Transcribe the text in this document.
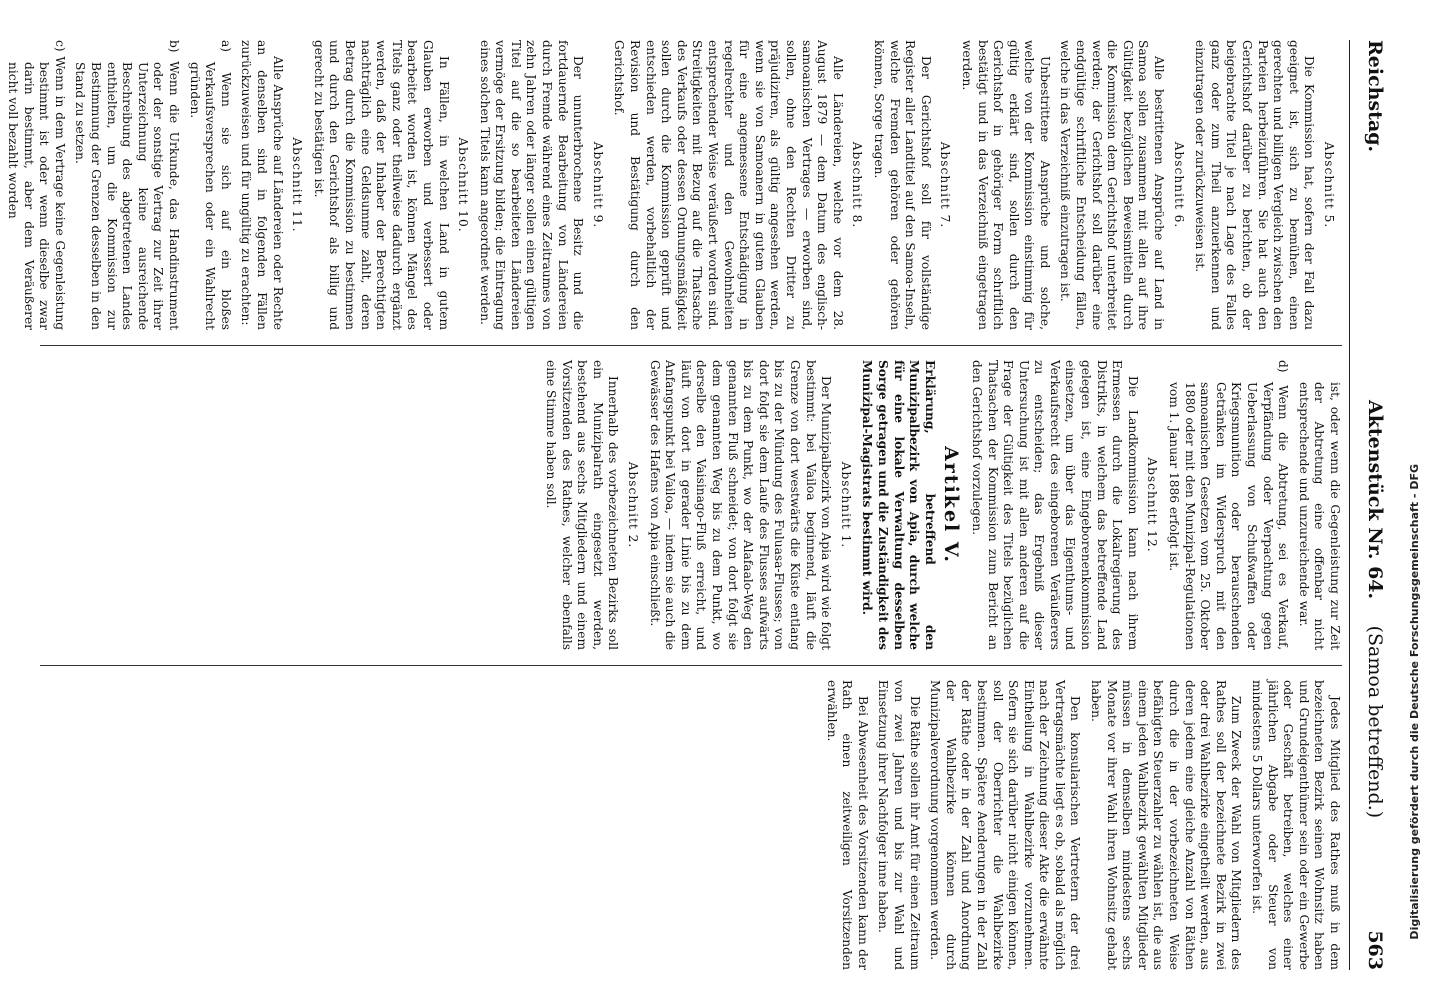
Reichstag.
Aktenstück Nr. 64.    (Samoa betreffend.)
563
Abschnitt 5.

Die Kommission hat, sofern der Fall dazu geeignet ist, sich zu bemühen, einen gerechten und billigen Vergleich zwischen den Parteien herbeizuführen. Sie hat auch den Gerichtshof darüber zu berichten, ob der beigebrachte Titel je nach Lage des Falles ganz oder zum Theil anzuerkennen und einzutragen oder zurückzuweisen ist.

Abschnitt 6.

Alle bestrittenen Ansprüche auf Land in Samoa sollen zusammen mit allen auf ihre Gültigkeit bezüglichen Beweismitteln durch die Kommission dem Gerichtshof unterbreitet werden; der Gerichtshof soll darüber eine endgültige schriftliche Entscheidung fällen, welche in das Verzeichniß einzutragen ist.

Unbestrittene Ansprüche und solche, welche von der Kommission einstimmig für gültig erklärt sind, sollen durch den Gerichtshof in gehöriger Form schriftlich bestätigt und in das Verzeichniß eingetragen werden.

Abschnitt 7.

Der Gerichtshof soll für vollständige Register aller Landtitel auf den Samoa-Inseln, welche Fremden gehören oder gehören können, Sorge tragen.

Abschnitt 8.

Alle Ländereien, welche vor dem 28. August 1879 — dem Datum des englisch-samoanischen Vertrages — erworben sind, sollen, ohne den Rechten Dritter zu präjudiziren, als gültig angesehen werden, wenn sie von Samoanern in gutem Glauben für eine angemessene Entschädigung in regelrechter und den Gewohnheiten entsprechender Weise veräußert worden sind. Streitigkeiten mit Bezug auf die Thatsache des Verkaufs oder dessen Ordnungsmäßigkeit sollen durch die Kommission geprüft und entschieden werden, vorbehaltlich der Revision und Bestätigung durch den Gerichtshof.

Abschnitt 9.

Der ununterbrochene Besitz und die fortdauernde Bearbeitung von Ländereien durch Fremde während eines Zeitraumes von zehn Jahren oder länger sollen einen gültigen Titel auf die so bearbeiteten Ländereien vermöge der Ersitzung bilden; die Eintragung eines solchen Titels kann angeordnet werden.

Abschnitt 10.

In Fällen, in welchen Land in gutem Glauben erworben und verbessert oder bearbeitet worden ist, können Mängel des Titels ganz oder theilweise dadurch ergänzt werden, daß der Inhaber der Berechtigten nachträglich eine Geldsumme zahlt, deren Betrag durch die Kommission zu bestimmen und durch den Gerichtshof als billig und gerecht zu bestätigen ist.

Abschnitt 11.

Alle Ansprüche auf Ländereien oder Rechte an denselben sind in folgenden Fällen zurückzuweisen und für ungültig zu erachten:

a) Wenn sie sich auf ein bloßes Verkaufsversprechen oder ein Wahlrecht gründen.
b) Wenn die Urkunde, das Handinstrument oder der sonstige Vertrag zur Zeit ihrer Unterzeichnung keine ausreichende Beschreibung des abgetretenen Landes enthielten, um die Kommission zur Bestimmung der Grenzen desselben in den Stand zu setzen.
c) Wenn in dem Vertrage keine Gegenleistung bestimmt ist oder wenn dieselbe zwar darin bestimmt, aber dem Veräußerer nicht voll bezahlt worden
ist, oder wenn die Gegenleistung zur Zeit der Abtretung eine offenbar nicht entsprechende und unzureichende war.
d) Wenn die Abtretung, sei es Verkauf, Verpfändung oder Verpachtung gegen Ueberlassung von Schußwaffen oder Kriegsmunition oder berauschenden Getränken im Widerspruch mit den samoanischen Gesetzen vom 25. Oktober 1880 oder mit den Munizipal-Regulationen vom 1. Januar 1886 erfolgt ist.
Abschnitt 12.

Die Landkommission kann nach ihrem Ermessen durch die Lokalregierung des Distrikts, in welchem das betreffende Land gelegen ist, eine Eingeborenenkommission einsetzen, um über das Eigenthums- und Verkaufsrecht des eingeborenen Veräußerers zu entscheiden; das Ergebniß dieser Untersuchung ist mit allen anderen auf die Frage der Gültigkeit des Titels bezüglichen Thatsachen der Kommission zum Bericht an den Gerichtshof vorzulegen.

Artikel V.
Erklärung, betreffend den Munizipalbezirk von Apia, durch welche für eine lokale Verwaltung desselben Sorge getragen und die Zuständigkeit des Munizipal-Magistrats bestimmt wird.
Abschnitt 1.

Der Munizipalbezirk von Apia wird wie folgt bestimmt: bei Vailoa beginnend, läuft die Grenze von dort westwärts die Küste entlang bis zu der Mündung des Fuluasa-Flusses; von dort folgt sie dem Laufe des Flusses aufwärts bis zu dem Punkt, wo der Alafaalo-Weg den genannten Fluß schneidet; von dort folgt sie dem genannten Weg bis zu dem Punkt, wo derselbe den Vaisinago-Fluß erreicht, und läuft von dort in gerader Linie bis zu dem Anfangspunkt bei Vailoa, — indem sie auch die Gewässer des Hafens von Apia einschließt.

Abschnitt 2.

Innerhalb des vorbezeichneten Bezirks soll ein Munizipalrath eingesetzt werden, bestehend aus sechs Mitgliedern und einem Vorsitzenden des Rathes, welcher ebenfalls eine Stimme haben soll.

Jedes Mitglied des Rathes muß in dem bezeichneten Bezirk seinen Wohnsitz haben und Grundeigenthümer sein oder ein Gewerbe oder Geschäft betreiben, welches einer jährlichen Abgabe oder Steuer von mindestens 5 Dollars unterworfen ist.

Zum Zweck der Wahl von Mitgliedern des Rathes soll der bezeichnete Bezirk in zwei oder drei Wahlbezirke eingetheilt werden, aus deren jedem eine gleiche Anzahl von Räthen durch die in der vorbezeichneten Weise befähigten Steuerzahler zu wählen ist, die aus einem jeden Wahlbezirk gewählten Mitglieder müssen in demselben mindestens sechs Monate vor ihrer Wahl ihren Wohnsitz gehabt haben.

Den konsularischen Vertretern der drei Vertragsmächte liegt es ob, sobald als möglich nach der Zeichnung dieser Akte die erwähnte Eintheilung in Wahlbezirke vorzunehmen. Sofern sie sich darüber nicht einigen können, soll der Oberrichter die Wahlbezirke bestimmen. Spätere Aenderungen in der Zahl der Räthe oder in der Zahl und Anordnung der Wahlbezirke können durch Munizipalverordnung vorgenommen werden.

Die Räthe sollen ihr Amt für einen Zeitraum von zwei Jahren und bis zur Wahl und Einsetzung ihrer Nachfolger inne haben.

Bei Abwesenheit des Vorsitzenden kann der Rath einen zeitweiligen Vorsitzenden erwählen.	Digitalisierung gefördert durch die Deutsche Forschungsgemeinschaft - DFG
